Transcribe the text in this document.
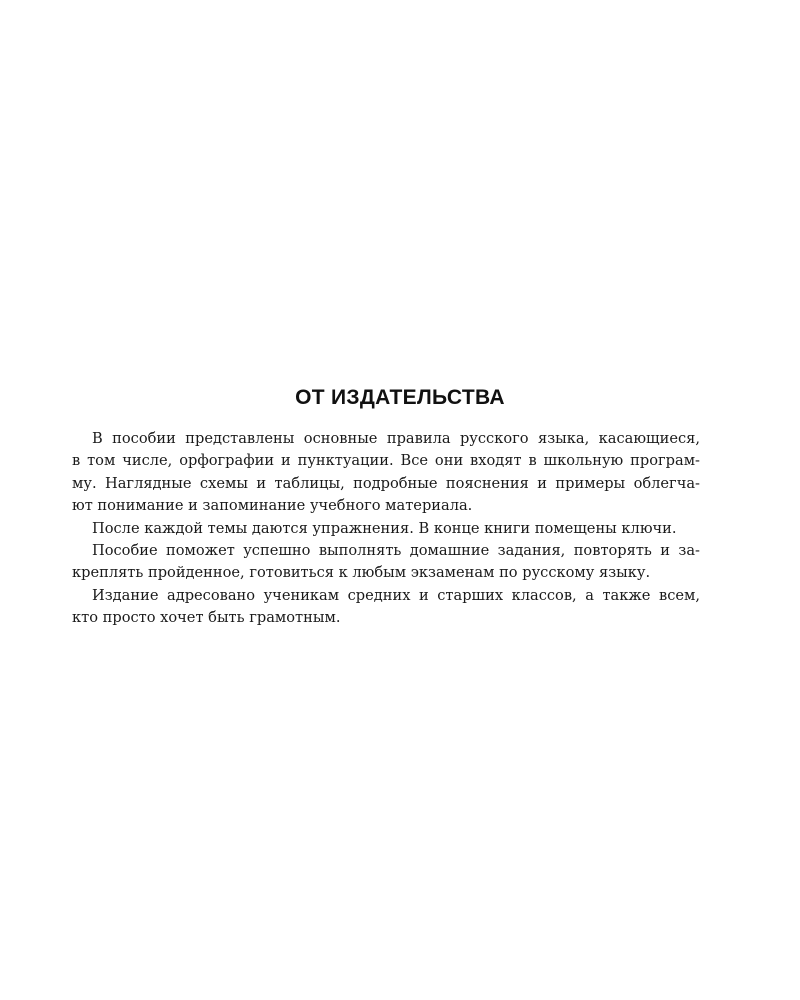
ОТ ИЗДАТЕЛЬСТВА

В пособии представлены основные правила русского языка, касающиеся,
в том числе, орфографии и пунктуации. Все они входят в школьную програм-
му. Наглядные схемы и таблицы, подробные пояснения и примеры облегча-
ют понимание и запоминание учебного материала.

После каждой темы даются упражнения. В конце книги помещены ключи.

Пособие поможет успешно выполнять домашние задания, повторять и за-
креплять пройденное, готовиться к любым экзаменам по русскому языку.

Издание адресовано ученикам средних и старших классов, а также всем,
кто просто хочет быть грамотным.
